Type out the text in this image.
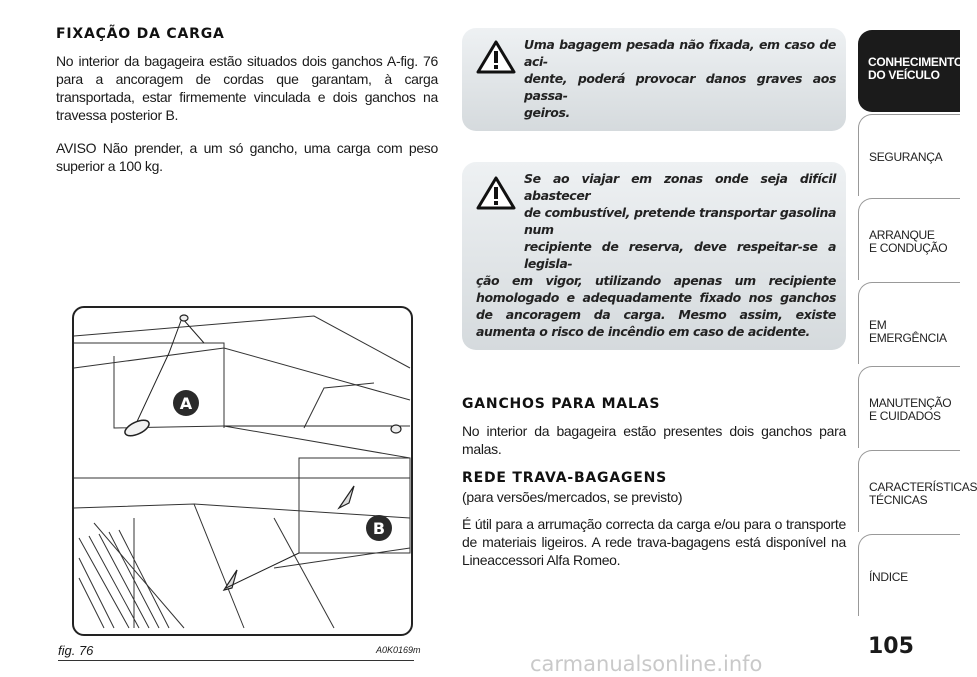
FIXAÇÃO DA CARGA

No interior da bagageira estão situados dois ganchos A-fig. 76 para a ancoragem de cordas que garantam, à carga transportada, estar firmemente vinculada e dois ganchos na travessa posterior B.

AVISO Não prender, a um só gancho, uma carga com peso superior a 100 kg.

Uma bagagem pesada não fixada, em caso de aci-
dente, poderá provocar danos graves aos passa-
geiros.
Se ao viajar em zonas onde seja difícil abastecer
de combustível, pretende transportar gasolina num
recipiente de reserva, deve respeitar-se a legisla-
ção em vigor, utilizando apenas um recipiente homologado e adequadamente fixado nos ganchos de ancoragem da carga. Mesmo assim, existe aumenta o risco de incêndio em caso de acidente.
GANCHOS PARA MALAS

No interior da bagageira estão presentes dois ganchos para malas.

REDE TRAVA-BAGAGENS

(para versões/mercados, se previsto)

É útil para a arrumação correcta da carga e/ou para o transporte de materiais ligeiros. A rede trava-bagagens está disponível na Lineaccessori Alfa Romeo.

A
B
fig. 76	A0K0169m
CONHECIMENTO
DO VEÍCULO
SEGURANÇA
ARRANQUE
E CONDUÇÃO
EM EMERGÊNCIA
MANUTENÇÃO
E CUIDADOS
CARACTERÍSTICAS
TÉCNICAS
ÍNDICE
105
carmanualsonline.info
